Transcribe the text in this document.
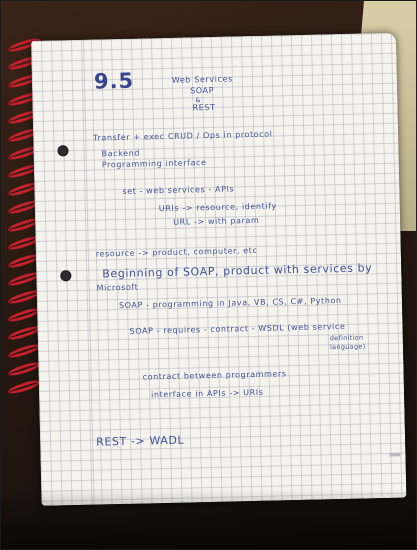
9.5	Web Services
SOAP
&
REST
Transfer + exec CRUD / Ops in protocol
Backend
Programming interface
set - web services - APIs
URIs -> resource, identify
URL -> with param
resource -> product, computer, etc
Beginning of SOAP, product with services by
Microsoft
SOAP - programming in Java, VB, CS, C#, Python
SOAP - requires - contract - WSDL (web service
definition
language)
contract between programmers
interface in APIs -> URIs
REST -> WADL
▌
